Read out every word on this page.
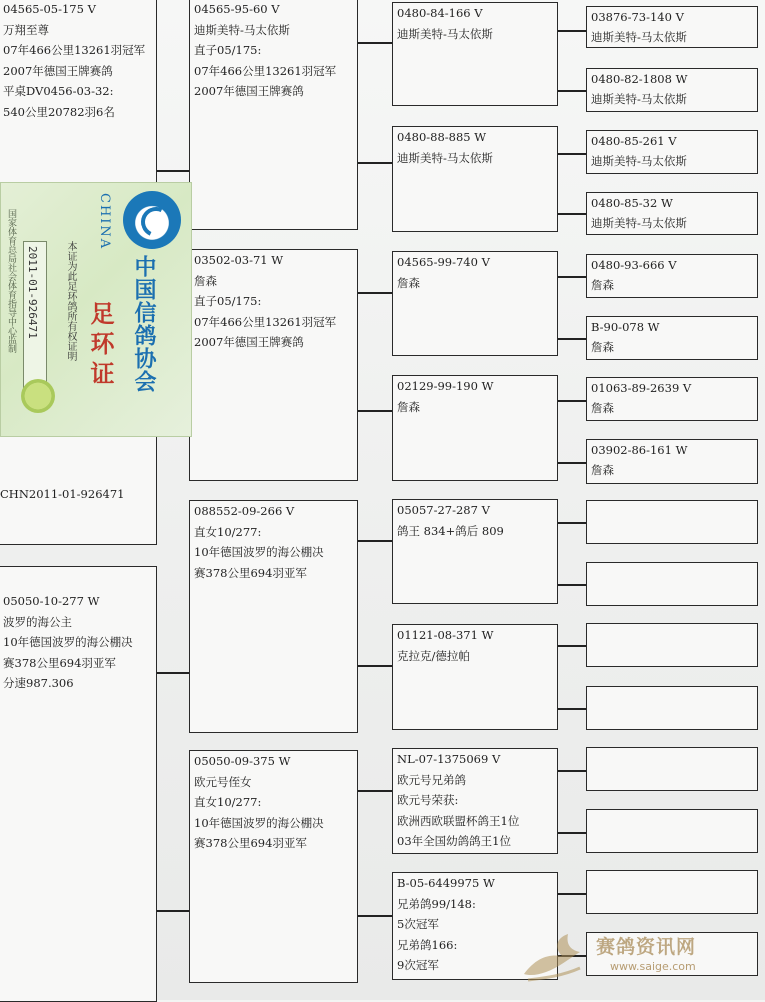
04565-05-175 V
万翔至尊
07年466公里13261羽冠军
2007年德国王牌赛鸽
平桌DV0456-03-32:
540公里20782羽6名
CHN2011-01-926471
05050-10-277 W
波罗的海公主
10年德国波罗的海公棚决
赛378公里694羽亚军
分速987.306
04565-95-60 V
迪斯美特-马太依斯
直子05/175:
07年466公里13261羽冠军
2007年德国王牌赛鸽
03502-03-71 W
詹森
直子05/175:
07年466公里13261羽冠军
2007年德国王牌赛鸽
088552-09-266 V
直女10/277:
10年德国波罗的海公棚决
赛378公里694羽亚军
05050-09-375 W
欧元号侄女
直女10/277:
10年德国波罗的海公棚决
赛378公里694羽亚军
0480-84-166 V
迪斯美特-马太依斯
0480-88-885 W
迪斯美特-马太依斯
04565-99-740 V
詹森
02129-99-190 W
詹森
05057-27-287 V
鸽王 834+鸽后 809
01121-08-371 W
克拉克/德拉帕
NL-07-1375069 V
欧元号兄弟鸽
欧元号荣获:
欧洲西欧联盟杯鸽王1位
03年全国幼鸽鸽王1位
B-05-6449975 W
兄弟鸽99/148:
5次冠军
兄弟鸽166:
9次冠军
03876-73-140 V
迪斯美特-马太依斯
0480-82-1808 W
迪斯美特-马太依斯
0480-85-261 V
迪斯美特-马太依斯
0480-85-32 W
迪斯美特-马太依斯
0480-93-666 V
詹森
B-90-078 W
詹森
01063-89-2639 V
詹森
03902-86-161 W
詹森
中国信鸽协会
CHINA
足环证
本证为此足环鸽所有权证明
国家体育总局社会体育指导中心监制 2011-01-926471
赛鸽资讯网
www.saige.com
